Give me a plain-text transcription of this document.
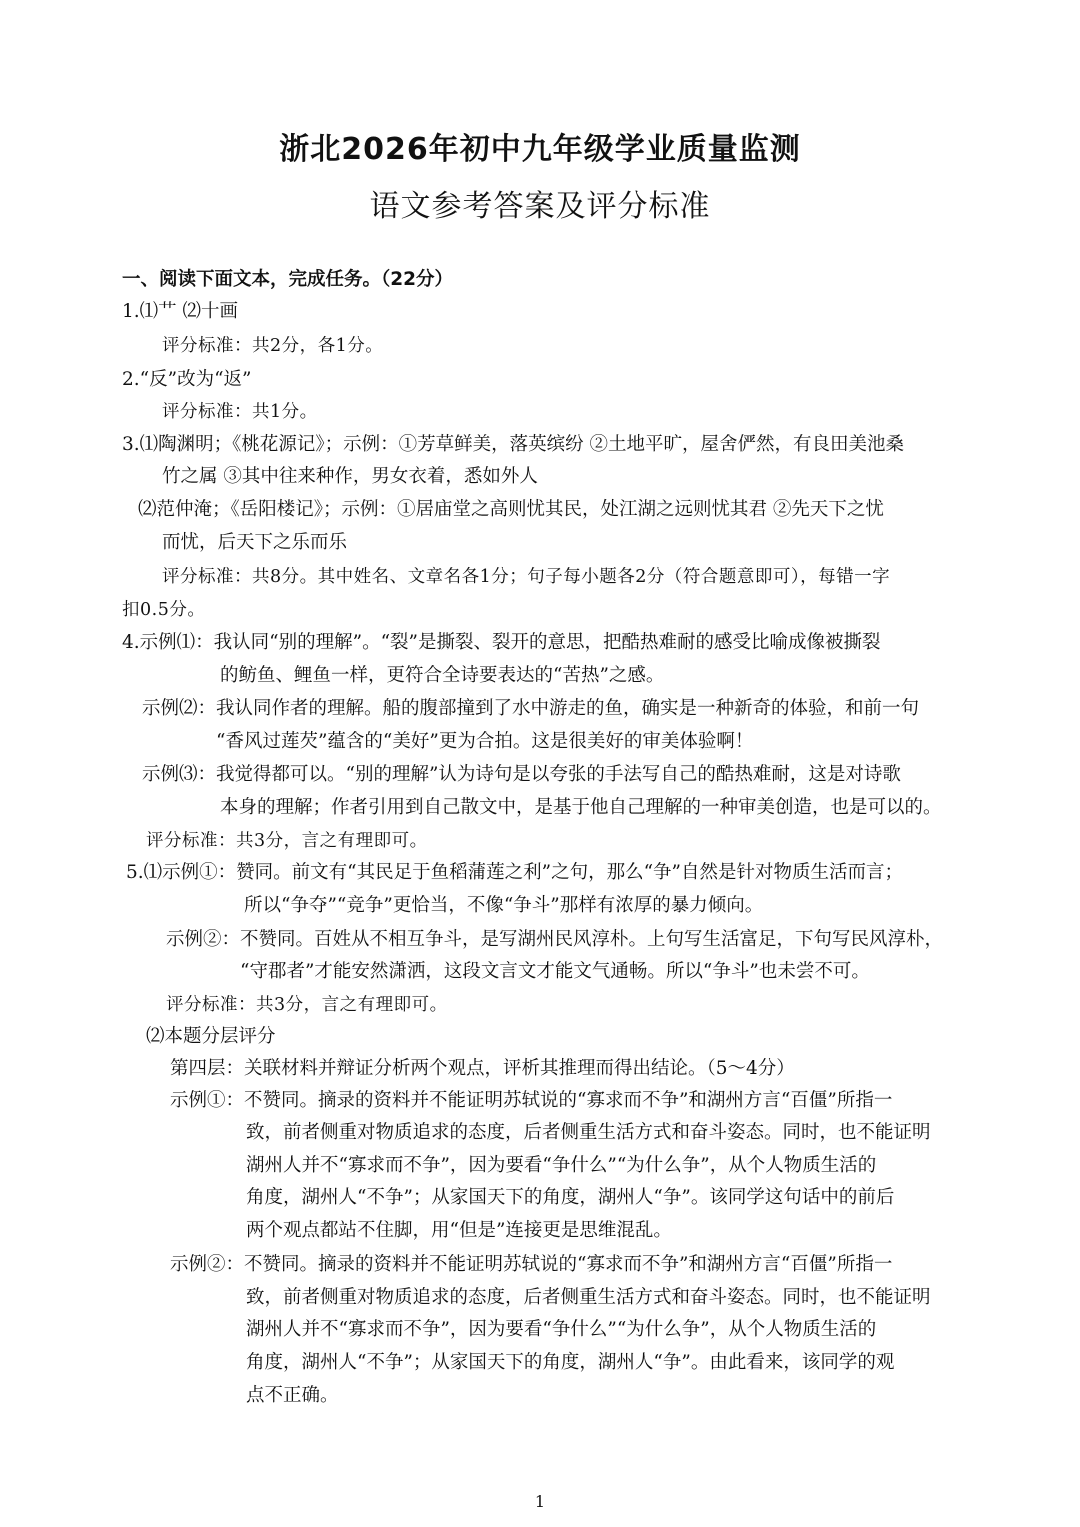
浙北2026年初中九年级学业质量监测
语文参考答案及评分标准
一、阅读下面文本，完成任务。（22分）
1.⑴艹 ⑵十画
评分标准：共2分，各1分。
2.“反”改为“返”
评分标准：共1分。
3.⑴陶渊明；《桃花源记》；示例：①芳草鲜美，落英缤纷 ②土地平旷，屋舍俨然，有良田美池桑
竹之属 ③其中往来种作，男女衣着，悉如外人
⑵范仲淹；《岳阳楼记》；示例：①居庙堂之高则忧其民，处江湖之远则忧其君 ②先天下之忧
而忧，后天下之乐而乐
评分标准：共8分。其中姓名、文章名各1分；句子每小题各2分（符合题意即可），每错一字
扣0.5分。
4.示例⑴：我认同“别的理解”。“裂”是撕裂、裂开的意思，把酷热难耐的感受比喻成像被撕裂
的鲂鱼、鲤鱼一样，更符合全诗要表达的“苦热”之感。
示例⑵：我认同作者的理解。船的腹部撞到了水中游走的鱼，确实是一种新奇的体验，和前一句
“香风过莲芡”蕴含的“美好”更为合拍。这是很美好的审美体验啊！
示例⑶：我觉得都可以。“别的理解”认为诗句是以夸张的手法写自己的酷热难耐，这是对诗歌
本身的理解；作者引用到自己散文中，是基于他自己理解的一种审美创造，也是可以的。
评分标准：共3分，言之有理即可。
5.⑴示例①：赞同。前文有“其民足于鱼稻蒲莲之利”之句，那么“争”自然是针对物质生活而言；
所以“争夺”“竞争”更恰当，不像“争斗”那样有浓厚的暴力倾向。
示例②：不赞同。百姓从不相互争斗，是写湖州民风淳朴。上句写生活富足，下句写民风淳朴，
“守郡者”才能安然潇洒，这段文言文才能文气通畅。所以“争斗”也未尝不可。
评分标准：共3分，言之有理即可。
⑵本题分层评分
第四层：关联材料并辩证分析两个观点，评析其推理而得出结论。（5～4分）
示例①：不赞同。摘录的资料并不能证明苏轼说的“寡求而不争”和湖州方言“百僵”所指一
致，前者侧重对物质追求的态度，后者侧重生活方式和奋斗姿态。同时，也不能证明
湖州人并不“寡求而不争”，因为要看“争什么”“为什么争”，从个人物质生活的
角度，湖州人“不争”；从家国天下的角度，湖州人“争”。该同学这句话中的前后
两个观点都站不住脚，用“但是”连接更是思维混乱。
示例②：不赞同。摘录的资料并不能证明苏轼说的“寡求而不争”和湖州方言“百僵”所指一
致，前者侧重对物质追求的态度，后者侧重生活方式和奋斗姿态。同时，也不能证明
湖州人并不“寡求而不争”，因为要看“争什么”“为什么争”，从个人物质生活的
角度，湖州人“不争”；从家国天下的角度，湖州人“争”。由此看来，该同学的观
点不正确。
1
